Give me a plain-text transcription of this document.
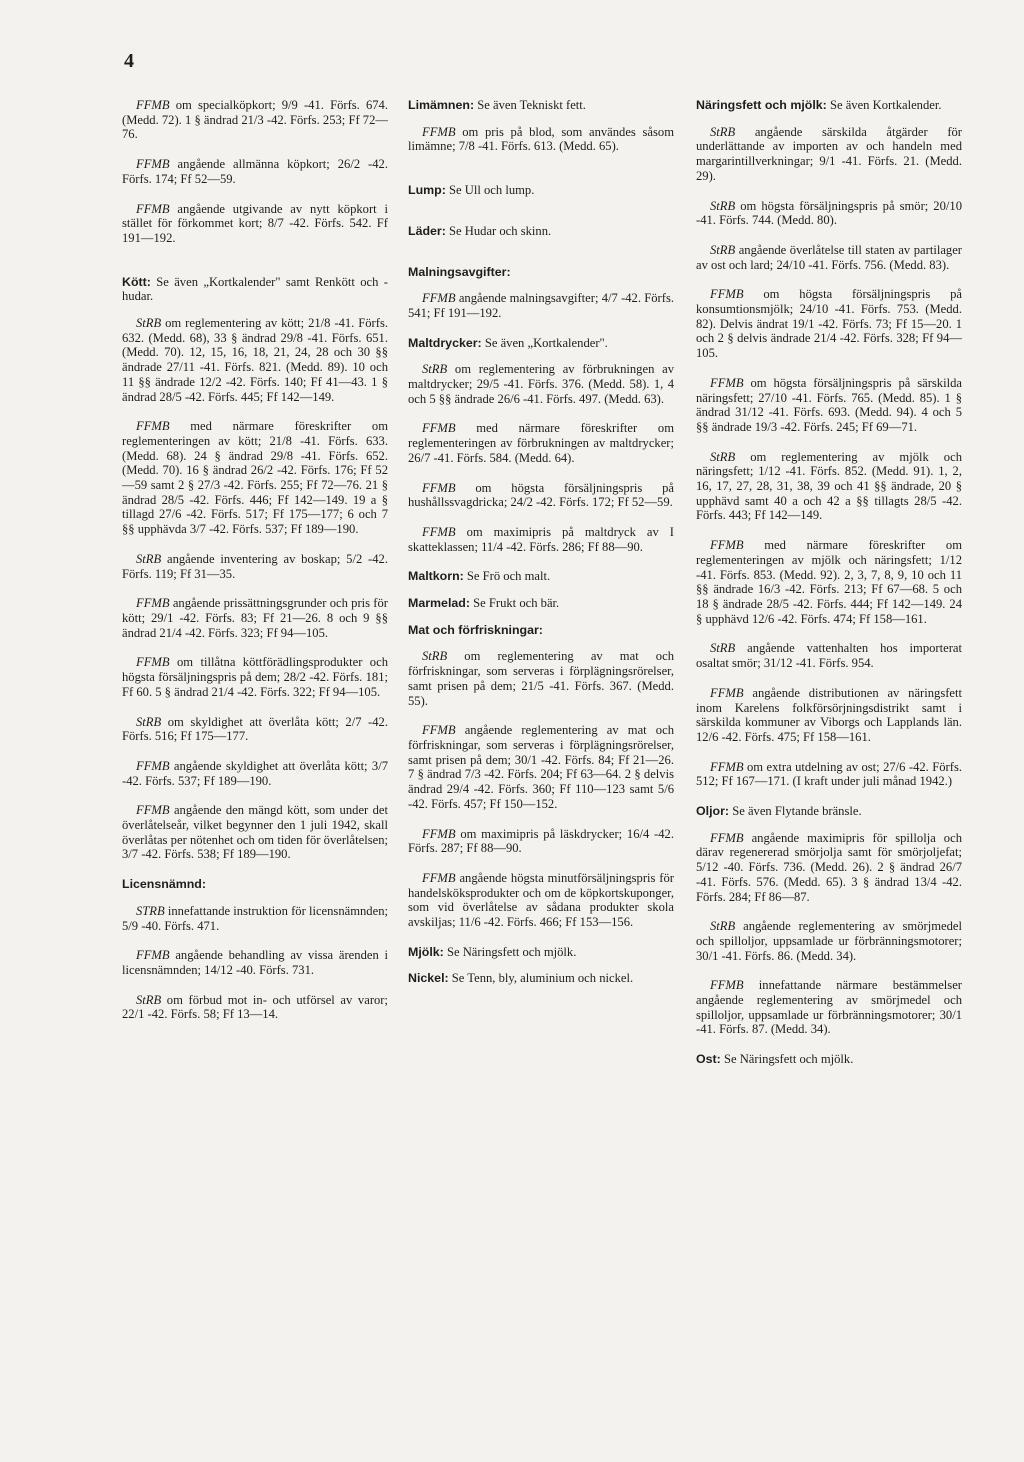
4

FFMB om specialköpkort; 9/9 -41. Förfs. 674. (Medd. 72). 1 § ändrad 21/3 -42. Förfs. 253; Ff 72—76.

FFMB angående allmänna köpkort; 26/2 -42. Förfs. 174; Ff 52—59.

FFMB angående utgivande av nytt köpkort i stället för förkommet kort; 8/7 -42. Förfs. 542. Ff 191—192.

Kött: Se även „Kortkalender" samt Renkött och -hudar.

StRB om reglementering av kött; 21/8 -41. Förfs. 632. (Medd. 68), 33 § ändrad 29/8 -41. Förfs. 651. (Medd. 70). 12, 15, 16, 18, 21, 24, 28 och 30 §§ ändrade 27/11 -41. Förfs. 821. (Medd. 89). 10 och 11 §§ ändrade 12/2 -42. Förfs. 140; Ff 41—43. 1 § ändrad 28/5 -42. Förfs. 445; Ff 142—149.

FFMB med närmare föreskrifter om reglementeringen av kött; 21/8 -41. Förfs. 633. (Medd. 68). 24 § ändrad 29/8 -41. Förfs. 652. (Medd. 70). 16 § ändrad 26/2 -42. Förfs. 176; Ff 52—59 samt 2 § 27/3 -42. Förfs. 255; Ff 72—76. 21 § ändrad 28/5 -42. Förfs. 446; Ff 142—149. 19 a § tillagd 27/6 -42. Förfs. 517; Ff 175—177; 6 och 7 §§ upphävda 3/7 -42. Förfs. 537; Ff 189—190.

StRB angående inventering av boskap; 5/2 -42. Förfs. 119; Ff 31—35.

FFMB angående prissättningsgrunder och pris för kött; 29/1 -42. Förfs. 83; Ff 21—26. 8 och 9 §§ ändrad 21/4 -42. Förfs. 323; Ff 94—105.

FFMB om tillåtna köttförädlingsprodukter och högsta försäljningspris på dem; 28/2 -42. Förfs. 181; Ff 60. 5 § ändrad 21/4 -42. Förfs. 322; Ff 94—105.

StRB om skyldighet att överlåta kött; 2/7 -42. Förfs. 516; Ff 175—177.

FFMB angående skyldighet att överlåta kött; 3/7 -42. Förfs. 537; Ff 189—190.

FFMB angående den mängd kött, som under det överlåtelseår, vilket begynner den 1 juli 1942, skall överlåtas per nötenhet och om tiden för överlåtelsen; 3/7 -42. Förfs. 538; Ff 189—190.

Licensnämnd:

STRB innefattande instruktion för licensnämnden; 5/9 -40. Förfs. 471.

FFMB angående behandling av vissa ärenden i licensnämnden; 14/12 -40. Förfs. 731.

StRB om förbud mot in- och utförsel av varor; 22/1 -42. Förfs. 58; Ff 13—14.

Limämnen: Se även Tekniskt fett.

FFMB om pris på blod, som användes såsom limämne; 7/8 -41. Förfs. 613. (Medd. 65).

Lump: Se Ull och lump.

Läder: Se Hudar och skinn.

Malningsavgifter:

FFMB angående malningsavgifter; 4/7 -42. Förfs. 541; Ff 191—192.

Maltdrycker: Se även „Kortkalender".

StRB om reglementering av förbrukningen av maltdrycker; 29/5 -41. Förfs. 376. (Medd. 58). 1, 4 och 5 §§ ändrade 26/6 -41. Förfs. 497. (Medd. 63).

FFMB med närmare föreskrifter om reglementeringen av förbrukningen av maltdrycker; 26/7 -41. Förfs. 584. (Medd. 64).

FFMB om högsta försäljningspris på hushållssvagdricka; 24/2 -42. Förfs. 172; Ff 52—59.

FFMB om maximipris på maltdryck av I skatteklassen; 11/4 -42. Förfs. 286; Ff 88—90.

Maltkorn: Se Frö och malt.

Marmelad: Se Frukt och bär.

Mat och förfriskningar:

StRB om reglementering av mat och förfriskningar, som serveras i förplägningsrörelser, samt prisen på dem; 21/5 -41. Förfs. 367. (Medd. 55).

FFMB angående reglementering av mat och förfriskningar, som serveras i förplägningsrörelser, samt prisen på dem; 30/1 -42. Förfs. 84; Ff 21—26. 7 § ändrad 7/3 -42. Förfs. 204; Ff 63—64. 2 § delvis ändrad 29/4 -42. Förfs. 360; Ff 110—123 samt 5/6 -42. Förfs. 457; Ff 150—152.

FFMB om maximipris på läskdrycker; 16/4 -42. Förfs. 287; Ff 88—90.

FFMB angående högsta minutförsäljningspris för handelsköksprodukter och om de köpkortskuponger, som vid överlåtelse av sådana produkter skola avskiljas; 11/6 -42. Förfs. 466; Ff 153—156.

Mjölk: Se Näringsfett och mjölk.

Nickel: Se Tenn, bly, aluminium och nickel.

Näringsfett och mjölk: Se även Kortkalender.

StRB angående särskilda åtgärder för underlättande av importen av och handeln med margarintillverkningar; 9/1 -41. Förfs. 21. (Medd. 29).

StRB om högsta försäljningspris på smör; 20/10 -41. Förfs. 744. (Medd. 80).

StRB angående överlåtelse till staten av partilager av ost och lard; 24/10 -41. Förfs. 756. (Medd. 83).

FFMB om högsta försäljningspris på konsumtionsmjölk; 24/10 -41. Förfs. 753. (Medd. 82). Delvis ändrat 19/1 -42. Förfs. 73; Ff 15—20. 1 och 2 § delvis ändrade 21/4 -42. Förfs. 328; Ff 94—105.

FFMB om högsta försäljningspris på särskilda näringsfett; 27/10 -41. Förfs. 765. (Medd. 85). 1 § ändrad 31/12 -41. Förfs. 693. (Medd. 94). 4 och 5 §§ ändrade 19/3 -42. Förfs. 245; Ff 69—71.

StRB om reglementering av mjölk och näringsfett; 1/12 -41. Förfs. 852. (Medd. 91). 1, 2, 16, 17, 27, 28, 31, 38, 39 och 41 §§ ändrade, 20 § upphävd samt 40 a och 42 a §§ tillagts 28/5 -42. Förfs. 443; Ff 142—149.

FFMB med närmare föreskrifter om reglementeringen av mjölk och näringsfett; 1/12 -41. Förfs. 853. (Medd. 92). 2, 3, 7, 8, 9, 10 och 11 §§ ändrade 16/3 -42. Förfs. 213; Ff 67—68. 5 och 18 § ändrade 28/5 -42. Förfs. 444; Ff 142—149. 24 § upphävd 12/6 -42. Förfs. 474; Ff 158—161.

StRB angående vattenhalten hos importerat osaltat smör; 31/12 -41. Förfs. 954.

FFMB angående distributionen av näringsfett inom Karelens folkförsörjningsdistrikt samt i särskilda kommuner av Viborgs och Lapplands län. 12/6 -42. Förfs. 475; Ff 158—161.

FFMB om extra utdelning av ost; 27/6 -42. Förfs. 512; Ff 167—171. (I kraft under juli månad 1942.)

Oljor: Se även Flytande bränsle.

FFMB angående maximipris för spillolja och därav regenererad smörjolja samt för smörjoljefat; 5/12 -40. Förfs. 736. (Medd. 26). 2 § ändrad 26/7 -41. Förfs. 576. (Medd. 65). 3 § ändrad 13/4 -42. Förfs. 284; Ff 86—87.

StRB angående reglementering av smörjmedel och spilloljor, uppsamlade ur förbränningsmotorer; 30/1 -41. Förfs. 86. (Medd. 34).

FFMB innefattande närmare bestämmelser angående reglementering av smörjmedel och spilloljor, uppsamlade ur förbränningsmotorer; 30/1 -41. Förfs. 87. (Medd. 34).

Ost: Se Näringsfett och mjölk.
